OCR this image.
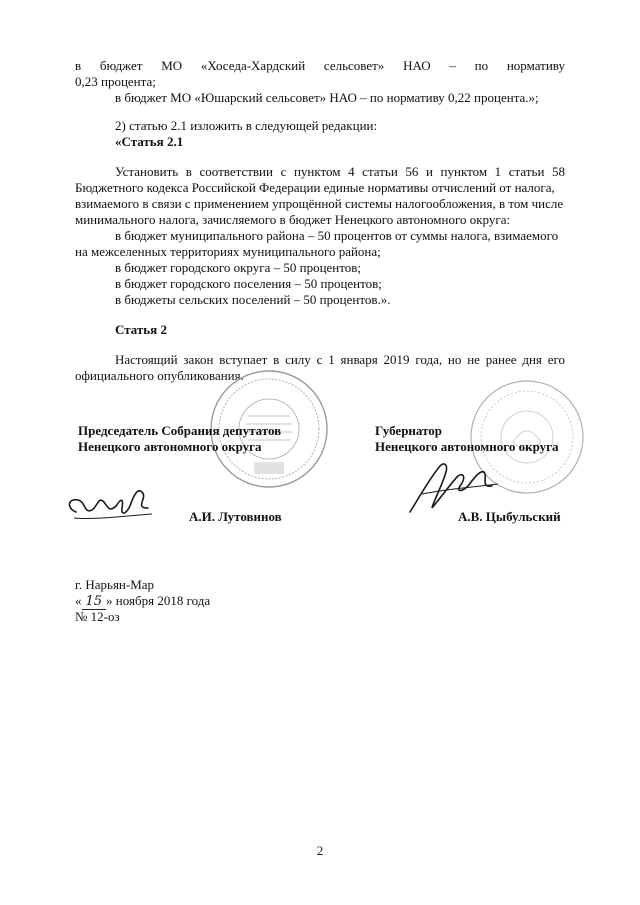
в бюджет МО «Хоседа-Хардский сельсовет» НАО – по нормативу
0,23 процента;
в бюджет МО «Юшарский сельсовет» НАО – по нормативу 0,22 процента.»;
2) статью 2.1 изложить в следующей редакции:
«Статья 2.1
Установить в соответствии с пунктом 4 статьи 56 и пунктом 1 статьи 58
Бюджетного кодекса Российской Федерации единые нормативы отчислений от налога,
взимаемого в связи с применением упрощённой системы налогообложения, в том числе
минимального налога, зачисляемого в бюджет Ненецкого автономного округа:
в бюджет муниципального района – 50 процентов от суммы налога, взимаемого
на межселенных территориях муниципального района;
в бюджет городского округа – 50 процентов;
в бюджет городского поселения – 50 процентов;
в бюджеты сельских поселений – 50 процентов.».
Статья 2
Настоящий закон вступает в силу с 1 января 2019 года, но не ранее дня его
официального опубликования.
Председатель Собрания депутатов
Ненецкого автономного округа
Губернатор
Ненецкого автономного округа
А.И. Лутовинов	А.В. Цыбульский
г. Нарьян-Мар
« 15 » ноября 2018 года
№ 12-оз
2
